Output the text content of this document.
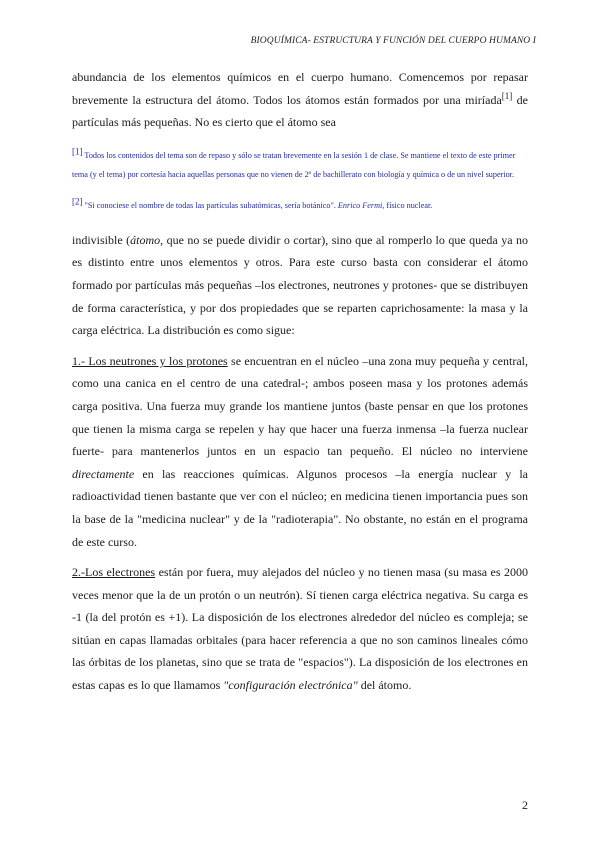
BIOQUÍMICA- ESTRUCTURA Y FUNCIÓN DEL CUERPO HUMANO I

abundancia de los elementos químicos en el cuerpo humano. Comencemos por repasar brevemente la estructura del átomo. Todos los átomos están formados por una miríada[1] de partículas más pequeñas. No es cierto que el átomo sea

[1] Todos los contenidos del tema son de repaso y sólo se tratan brevemente en la sesión 1 de clase. Se mantiene el texto de este primer tema (y el tema) por cortesía hacia aquellas personas que no vienen de 2º de bachillerato con biología y química o de un nivel superior.

[2] "Si conociese el nombre de todas las partículas subatómicas, sería botánico". Enrico Fermi, físico nuclear.

indivisible (átomo, que no se puede dividir o cortar), sino que al romperlo lo que queda ya no es distinto entre unos elementos y otros. Para este curso basta con considerar el átomo formado por partículas más pequeñas –los electrones, neutrones y protones- que se distribuyen de forma característica, y por dos propiedades que se reparten caprichosamente: la masa y la carga eléctrica. La distribución es como sigue:

1.- Los neutrones y los protones se encuentran en el núcleo –una zona muy pequeña y central, como una canica en el centro de una catedral-; ambos poseen masa y los protones además carga positiva. Una fuerza muy grande los mantiene juntos (baste pensar en que los protones que tienen la misma carga se repelen y hay que hacer una fuerza inmensa –la fuerza nuclear fuerte- para mantenerlos juntos en un espacio tan pequeño. El núcleo no interviene directamente en las reacciones químicas. Algunos procesos –la energía nuclear y la radioactividad tienen bastante que ver con el núcleo; en medicina tienen importancia pues son la base de la "medicina nuclear" y de la "radioterapia". No obstante, no están en el programa de este curso.

2.-Los electrones están por fuera, muy alejados del núcleo y no tienen masa (su masa es 2000 veces menor que la de un protón o un neutrón). Sí tienen carga eléctrica negativa. Su carga es -1 (la del protón es +1). La disposición de los electrones alrededor del núcleo es compleja; se sitúan en capas llamadas orbitales (para hacer referencia a que no son caminos lineales cómo las órbitas de los planetas, sino que se trata de "espacios"). La disposición de los electrones en estas capas es lo que llamamos "configuración electrónica" del átomo.

2
